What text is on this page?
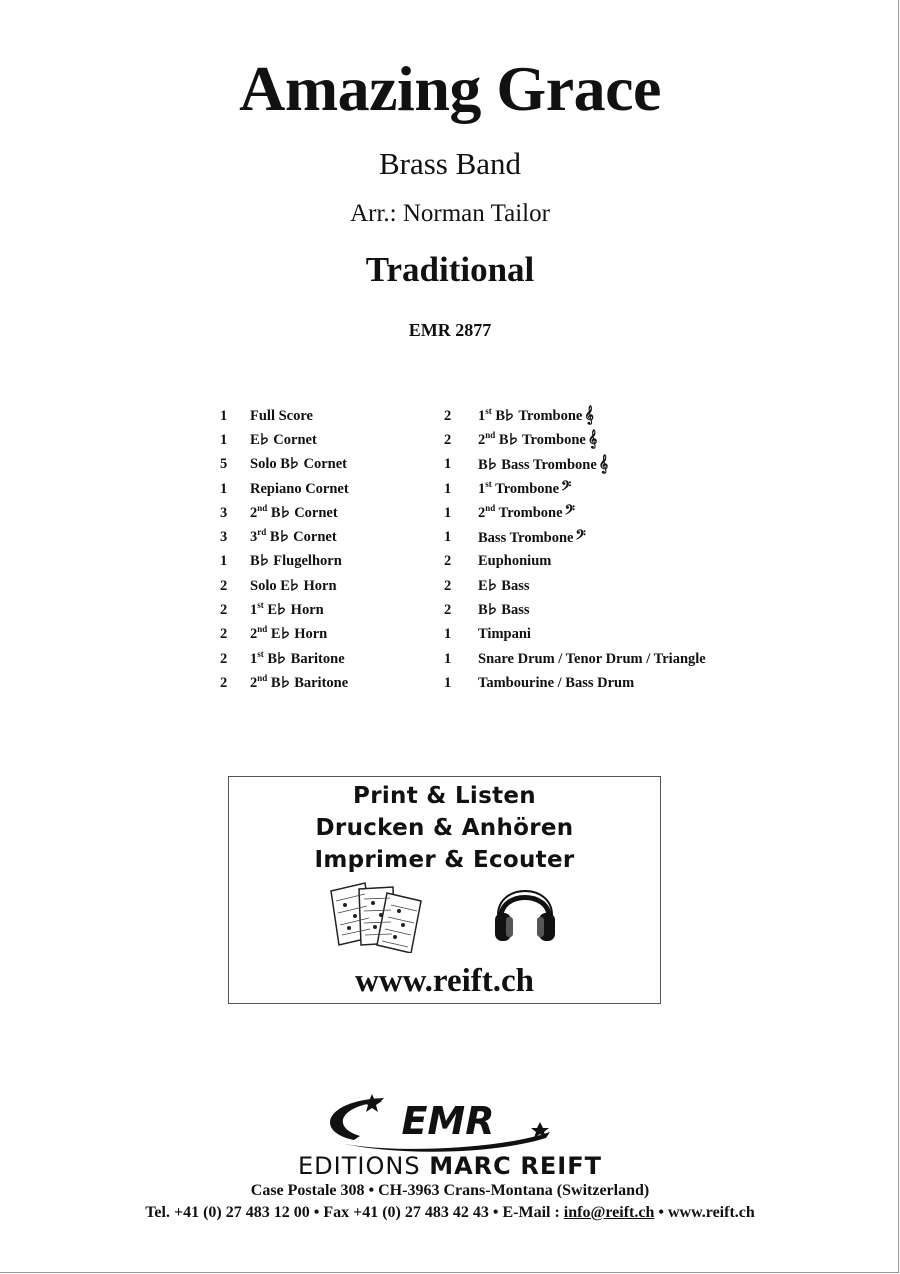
Amazing Grace
Brass Band
Arr.: Norman Tailor
Traditional
EMR 2877
1	Full Score
1	E Cornet
5	Solo B Cornet
1	Repiano Cornet
3	2nd B Cornet
3	3rd B Cornet
1	B Flugelhorn
2	Solo E Horn
2	1st E Horn
2	2nd E Horn
2	1st B Baritone
2	2nd B Baritone
2	1st B Trombone 𝄞
2	2nd B Trombone 𝄞
1	B Bass Trombone 𝄞
1	1st Trombone 𝄢
1	2nd Trombone 𝄢
1	Bass Trombone 𝄢
2	Euphonium
2	E Bass
2	B Bass
1	Timpani
1	Snare Drum / Tenor Drum / Triangle
1	Tambourine / Bass Drum
Print & Listen
Drucken & Anhören
Imprimer & Ecouter
www.reift.ch
EMR
EDITIONS MARC REIFT
Case Postale 308 • CH-3963 Crans-Montana (Switzerland)
Tel. +41 (0) 27 483 12 00 • Fax +41 (0) 27 483 42 43 • E-Mail : info@reift.ch • www.reift.ch
